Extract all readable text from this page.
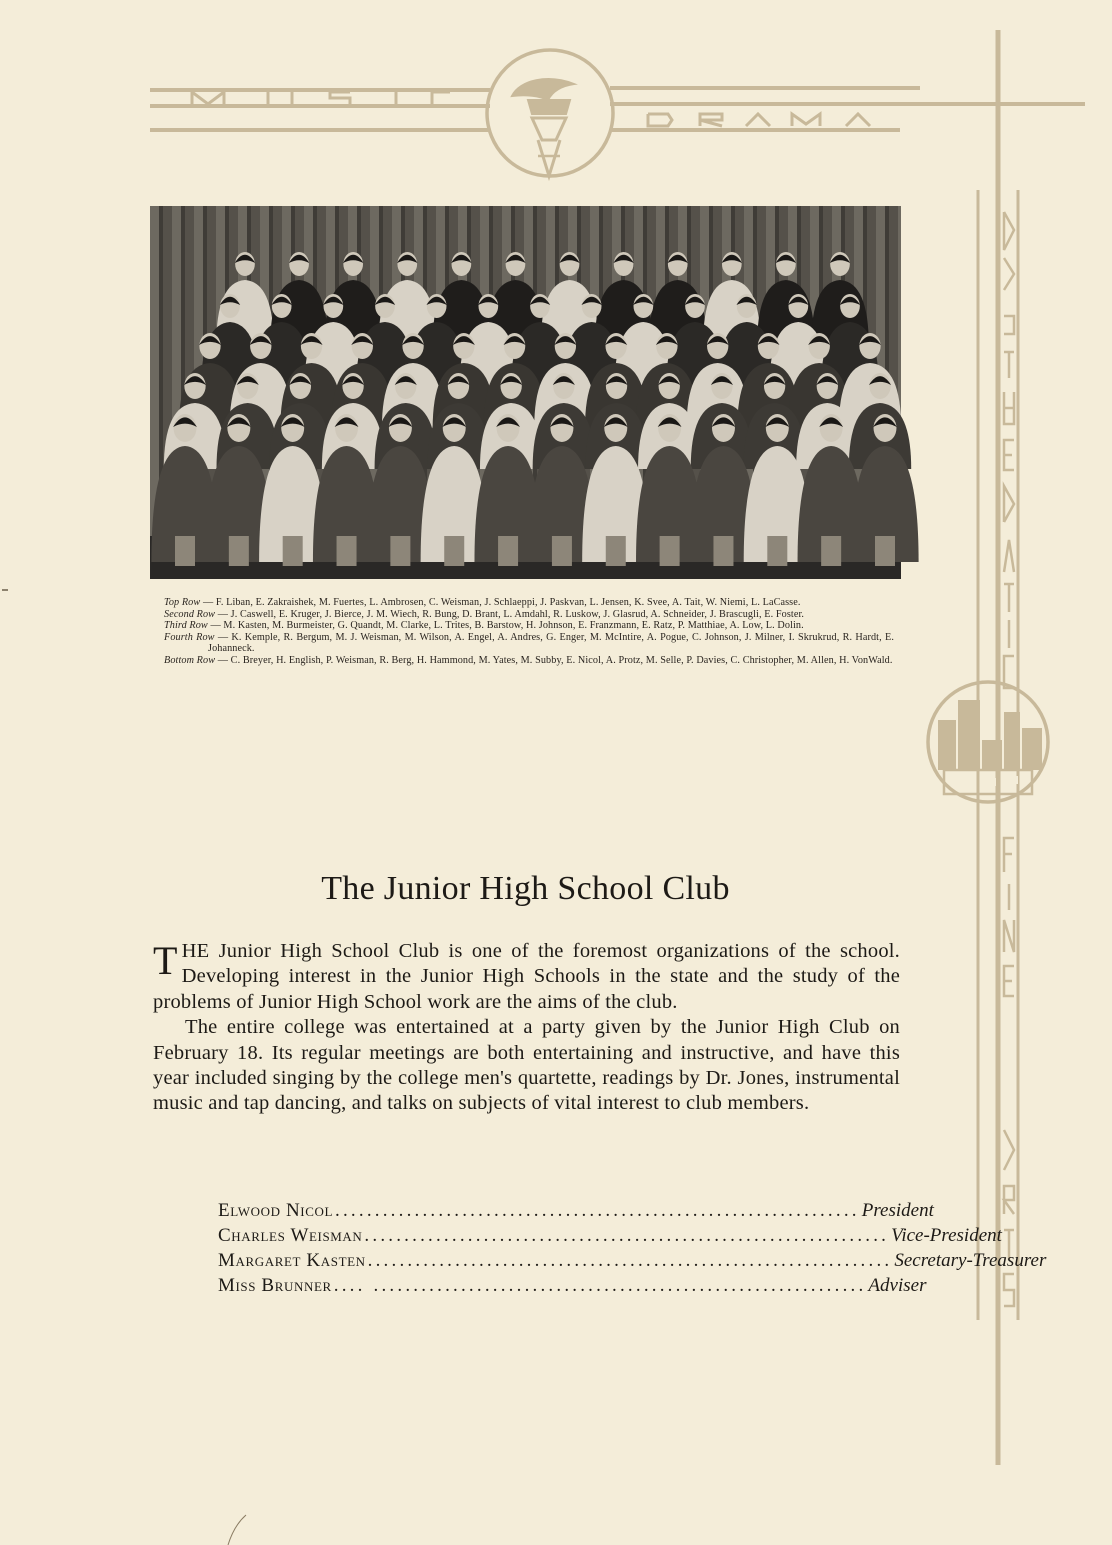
Top Row — F. Liban, E. Zakraishek, M. Fuertes, L. Ambrosen, C. Weisman, J. Schlaeppi, J. Paskvan, L. Jensen, K. Svee, A. Tait, W. Niemi, L. LaCasse.
Second Row — J. Caswell, E. Kruger, J. Bierce, J. M. Wiech, R. Bung, D. Brant, L. Amdahl, R. Luskow, J. Glasrud, A. Schneider, J. Brascugli, E. Foster.
Third Row — M. Kasten, M. Burmeister, G. Quandt, M. Clarke, L. Trites, B. Barstow, H. Johnson, E. Franzmann, E. Ratz, P. Matthiae, A. Low, L. Dolin.
Fourth Row — K. Kemple, R. Bergum, M. J. Weisman, M. Wilson, A. Engel, A. Andres, G. Enger, M. McIntire, A. Pogue, C. Johnson, J. Milner, I. Skrukrud, R. Hardt, E. Johanneck.
Bottom Row — C. Breyer, H. English, P. Weisman, R. Berg, H. Hammond, M. Yates, M. Subby, E. Nicol, A. Protz, M. Selle, P. Davies, C. Christopher, M. Allen, H. VonWald.
The Junior High School Club

THE Junior High School Club is one of the foremost organizations of the school. Developing interest in the Junior High Schools in the state and the study of the problems of Junior High School work are the aims of the club.

The entire college was entertained at a party given by the Junior High Club on February 18. Its regular meetings are both entertaining and instructive, and have this year included singing by the college men's quartette, readings by Dr. Jones, instrumental music and tap dancing, and talks on subjects of vital interest to club members.

Elwood Nicol .................................................................. President
Charles Weisman .................................................................. Vice-President
Margaret Kasten .................................................................. Secretary-Treasurer
Miss Brunner .... .............................................................. Adviser
